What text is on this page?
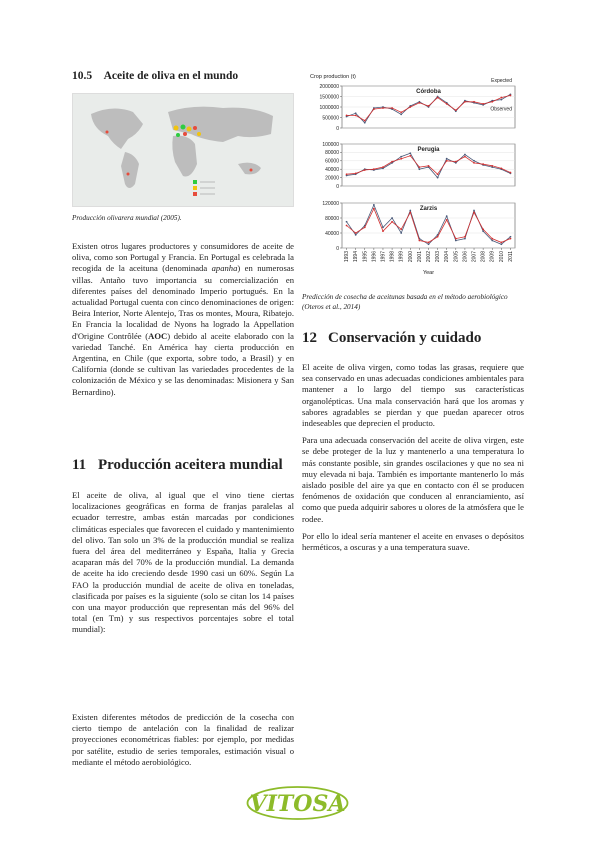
10.5 Aceite de oliva en el mundo
Producción olivarera mundial (2005).
Existen otros lugares productores y consumidores de aceite de oliva, como son Portugal y Francia. En Portugal es celebrada la recogida de la aceituna (denominada apanha) en numerosas villas. Antaño tuvo importancia su comercialización en diferentes países del denominado Imperio portugués. En la actualidad Portugal cuenta con cinco denominaciones de origen: Beira Interior, Norte Alentejo, Tras os montes, Moura, Ribatejo. En Francia la localidad de Nyons ha logrado la Appellation d'Origine Contrôlée (AOC) debido al aceite elaborado con la variedad Tanché. En América hay cierta producción en Argentina, en Chile (que exporta, sobre todo, a Brasil) y en California (donde se cultivan las variedades procedentes de la colonización de México y se las denominadas: Misionera y San Bernardino).
11 Producción aceitera mundial
El aceite de oliva, al igual que el vino tiene ciertas localizaciones geográficas en forma de franjas paralelas al ecuador terrestre, ambas están marcadas por condiciones climáticas especiales que favorecen el cuidado y mantenimiento del olivo. Tan solo un 3% de la producción mundial se realiza fuera del área del mediterráneo y España, Italia y Grecia acaparan más del 70% de la producción mundial. La demanda de aceite ha ido creciendo desde 1990 casi un 60%. Según La FAO la producción mundial de aceite de oliva en toneladas, clasificada por países es la siguiente (solo se citan los 14 países con una mayor producción que representan más del 96% del total (en Tm) y sus respectivos porcentajes sobre el total mundial):
Existen diferentes métodos de predicción de la cosecha con cierto tiempo de antelación con la finalidad de realizar proyecciones econométricas fiables: por ejemplo, por medidas por satélite, estudio de series temporales, estimación visual o mediante el método aerobiológico.
Crop production (t)
0
500000
1000000
1500000
2000000
Córdoba
Expected
Observed
0
20000
40000
60000
80000
100000
Perugia
0
40000
80000
120000
Zarzis
1993 1994 1995 1996 1997 1998 1999 2000 2001 2002 2003 2004 2005 2006 2007 2008 2009 2010 2011
Year
Predicción de cosecha de aceitunas basada en el método aerobiológico (Oteros et al., 2014)
12 Conservación y cuidado

El aceite de oliva virgen, como todas las grasas, requiere que sea conservado en unas adecuadas condiciones ambientales para mantener a lo largo del tiempo sus características organolépticas. Una mala conservación hará que los aromas y sabores agradables se pierdan y que puedan aparecer otros indeseables que deprecien el producto.

Para una adecuada conservación del aceite de oliva virgen, este se debe proteger de la luz y mantenerlo a una temperatura lo más constante posible, sin grandes oscilaciones y que no sea ni muy elevada ni baja. También es importante mantenerlo lo más aislado posible del aire ya que en contacto con él se producen fenómenos de oxidación que conducen al enranciamiento, así como que pueda adquirir sabores u olores de la atmósfera que le rodee.

Por ello lo ideal sería mantener el aceite en envases o depósitos herméticos, a oscuras y a una temperatura suave.

VITOSA
